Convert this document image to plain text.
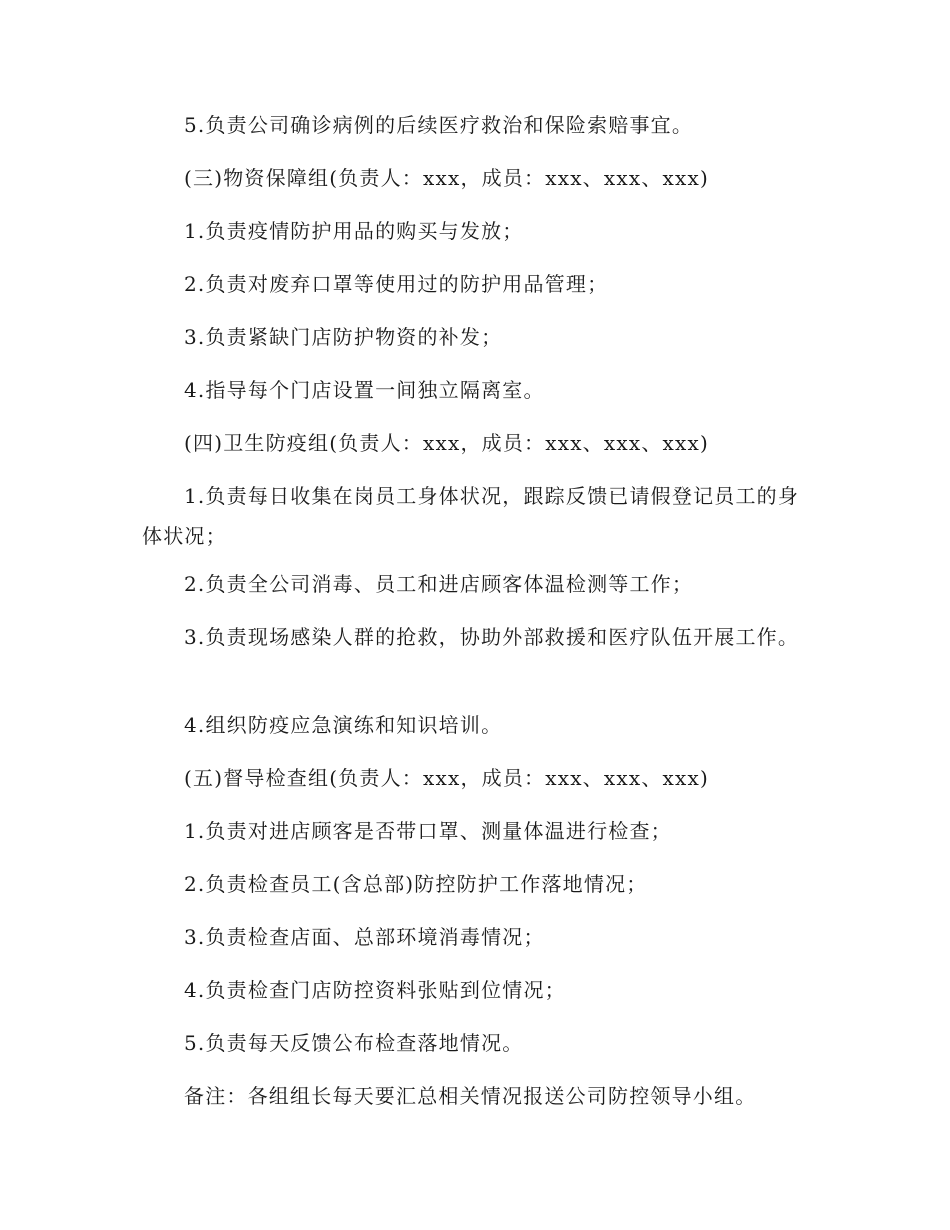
5.负责公司确诊病例的后续医疗救治和保险索赔事宜。
(三)物资保障组(负责人：xxx，成员：xxx、xxx、xxx)
1.负责疫情防护用品的购买与发放；
2.负责对废弃口罩等使用过的防护用品管理；
3.负责紧缺门店防护物资的补发；
4.指导每个门店设置一间独立隔离室。
(四)卫生防疫组(负责人：xxx，成员：xxx、xxx、xxx)
1.负责每日收集在岗员工身体状况，跟踪反馈已请假登记员工的身体状况；
2.负责全公司消毒、员工和进店顾客体温检测等工作；
3.负责现场感染人群的抢救，协助外部救援和医疗队伍开展工作。
4.组织防疫应急演练和知识培训。
(五)督导检查组(负责人：xxx，成员：xxx、xxx、xxx)
1.负责对进店顾客是否带口罩、测量体温进行检查；
2.负责检查员工(含总部)防控防护工作落地情况；
3.负责检查店面、总部环境消毒情况；
4.负责检查门店防控资料张贴到位情况；
5.负责每天反馈公布检查落地情况。
备注：各组组长每天要汇总相关情况报送公司防控领导小组。
